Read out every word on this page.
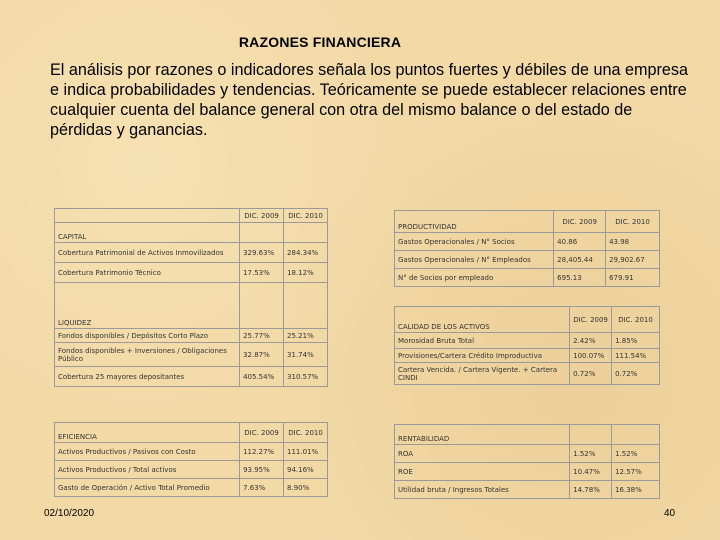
RAZONES FINANCIERA
El análisis por razones o indicadores señala los puntos fuertes y débiles de una empresa e indica probabilidades y tendencias. Teóricamente se puede establecer relaciones entre cualquier cuenta del balance general con otra del mismo balance o del estado de pérdidas y ganancias.
	DIC. 2009	DIC. 2010
CAPITAL		
Cobertura Patrimonial de Activos Inmovilizados	329.63%	284.34%
Cobertura Patrimonio Técnico	17.53%	18.12%
LIQUIDEZ		
Fondos disponibles / Depósitos Corto Plazo	25.77%	25.21%
Fondos disponibles + Inversiones / Obligaciones Público	32.87%	31.74%
Cobertura 25 mayores depositantes	405.54%	310.57%
EFICIENCIA	DIC. 2009	DIC. 2010
Activos Productivos / Pasivos con Costo	112.27%	111.01%
Activos Productivos / Total activos	93.95%	94.16%
Gasto de Operación / Activo Total Promedio	7.63%	8.90%
PRODUCTIVIDAD	DIC. 2009	DIC. 2010
Gastos Operacionales / N° Socios	40.86	43.98
Gastos Operacionales / N° Empleados	28,405.44	29,902.67
N° de Socios por empleado	695.13	679.91
CALIDAD DE LOS ACTIVOS	DIC. 2009	DIC. 2010
Morosidad Bruta Total	2.42%	1.85%
Provisiones/Cartera Crédito Improductiva	100.07%	111.54%
Cartera Vencida. / Cartera Vigente. + Cartera CINDI	0.72%	0.72%
RENTABILIDAD		
ROA	1.52%	1.52%
ROE	10.47%	12.57%
Utilidad bruta / Ingresos Totales	14.78%	16.38%
02/10/2020	40
